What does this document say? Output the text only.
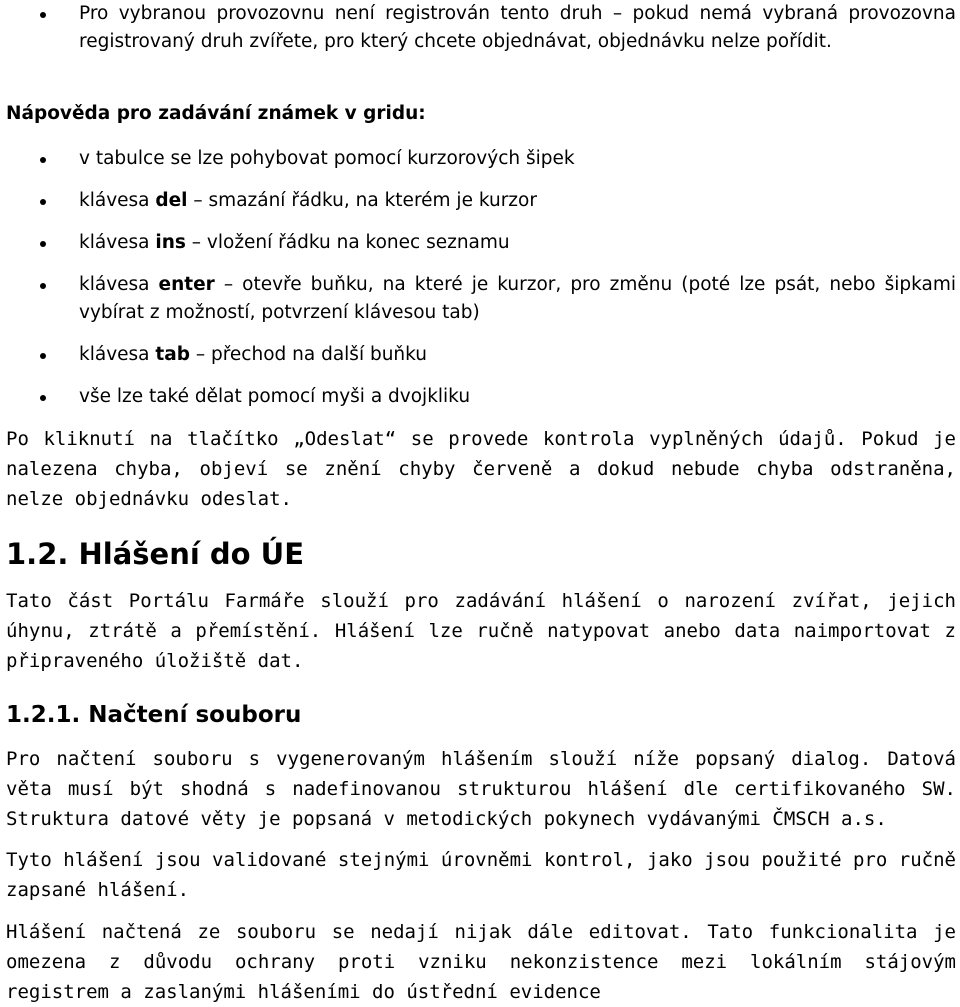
Pro vybranou provozovnu není registrován tento druh – pokud nemá vybraná provozovna registrovaný druh zvířete, pro který chcete objednávat, objednávku nelze pořídit.
Nápověda pro zadávání známek v gridu:
v tabulce se lze pohybovat pomocí kurzorových šipek
klávesa del – smazání řádku, na kterém je kurzor
klávesa ins – vložení řádku na konec seznamu
klávesa enter – otevře buňku, na které je kurzor, pro změnu (poté lze psát, nebo šipkami vybírat z možností, potvrzení klávesou tab)
klávesa tab – přechod na další buňku
vše lze také dělat pomocí myši a dvojkliku

Po kliknutí na tlačítko „Odeslat“ se provede kontrola vyplněných údajů. Pokud je nalezena chyba, objeví se znění chyby červeně a dokud nebude chyba odstraněna, nelze objednávku odeslat.

1.2. Hlášení do ÚE

Tato část Portálu Farmáře slouží pro zadávání hlášení o narození zvířat, jejich úhynu, ztrátě a přemístění. Hlášení lze ručně natypovat anebo data naimportovat z připraveného úložiště dat.

1.2.1. Načtení souboru

Pro načtení souboru s vygenerovaným hlášením slouží níže popsaný dialog. Datová věta musí být shodná s nadefinovanou strukturou hlášení dle certifikovaného SW. Struktura datové věty je popsaná v metodických pokynech vydávanými ČMSCH a.s.

Tyto hlášení jsou validované stejnými úrovněmi kontrol, jako jsou použité pro ručně zapsané hlášení.

Hlášení načtená ze souboru se nedají nijak dále editovat. Tato funkcionalita je omezena z důvodu ochrany proti vzniku nekonzistence mezi lokálním stájovým registrem a zaslanými hlášeními do ústřední evidence
